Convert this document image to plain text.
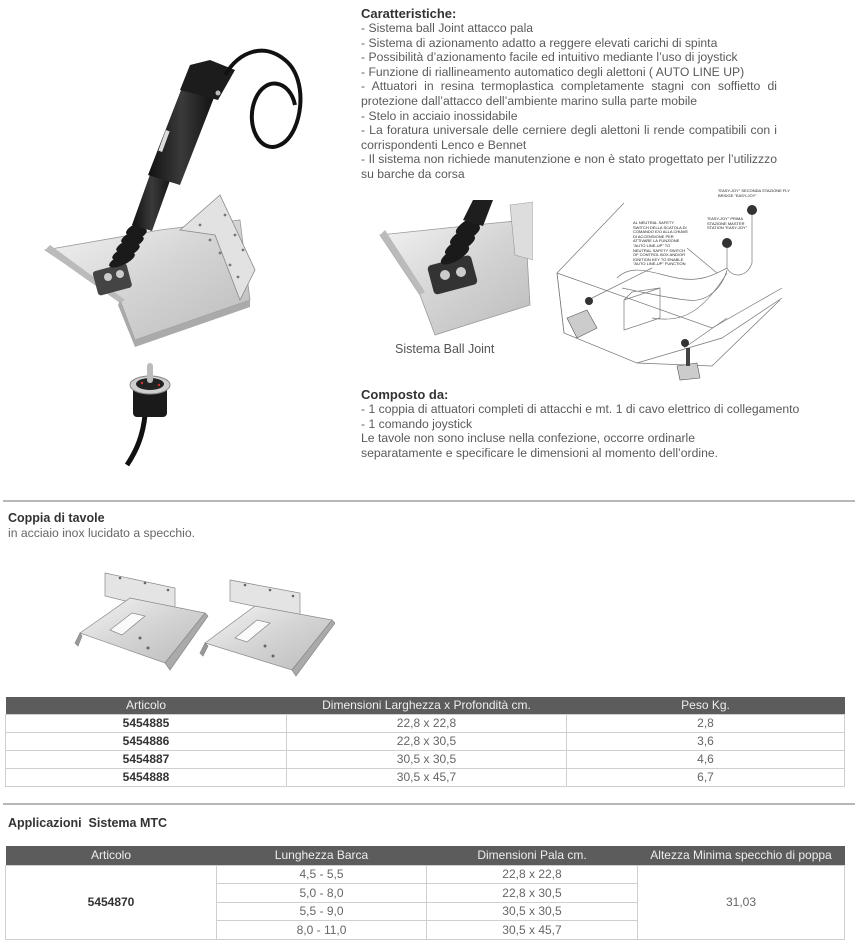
Caratteristiche:
- Sistema ball Joint attacco pala
- Sistema di azionamento adatto a reggere elevati carichi di spinta
- Possibilità d’azionamento facile ed intuitivo mediante l’uso di joystick
- Funzione di riallineamento automatico degli alettoni ( AUTO LINE UP)
- Attuatori in resina termoplastica completamente stagni con soffietto di protezione dall’attacco dell’ambiente marino sulla parte mobile
- Stelo in acciaio inossidabile
- La foratura universale delle cerniere degli alettoni li rende compatibili con i corrispondenti Lenco e Bennet
- Il sistema non richiede manutenzione e non è stato progettato per l’utilizzzo su barche da corsa
Sistema Ball Joint
"EASY-JOY" SECONDA STAZIONE FLY BRIDGE "EASY-JOY"
"EASY-JOY" PRIMA STAZIONE MASTER STATION "EASY-JOY"
AL NEUTRAL SAFETY SWITCH DELLA SCATOLA DI COMANDO E/O ALLA CHIAVE DI ACCENSIONE PER ATTIVARE LA FUNZIONE "AUTO LINE-UP" TO NEUTRAL SAFETY SWITCH OF CONTROL BOX AND/OR IGNITION KEY TO ENABLE "AUTO LINE-UP" FUNCTION
Composto da:
- 1 coppia di attuatori completi di attacchi e mt. 1 di cavo elettrico di collegamento
- 1 comando joystick
Le tavole non sono incluse nella confezione, occorre ordinarle
separatamente e specificare le dimensioni al momento dell’ordine.
Coppia di tavole
in acciaio inox lucidato a specchio.
Articolo	Dimensioni Larghezza x Profondità cm.	Peso Kg.
5454885	22,8 x 22,8	2,8
5454886	22,8 x 30,5	3,6
5454887	30,5 x 30,5	4,6
5454888	30,5 x 45,7	6,7
Applicazioni  Sistema MTC
Articolo	Lunghezza Barca	Dimensioni Pala cm.	Altezza Minima specchio di poppa
5454870	4,5 - 5,5	22,8 x 22,8	31,03
	5,0 - 8,0	22,8 x 30,5	
	5,5 - 9,0	30,5 x 30,5	
	8,0 - 11,0	30,5 x 45,7	
